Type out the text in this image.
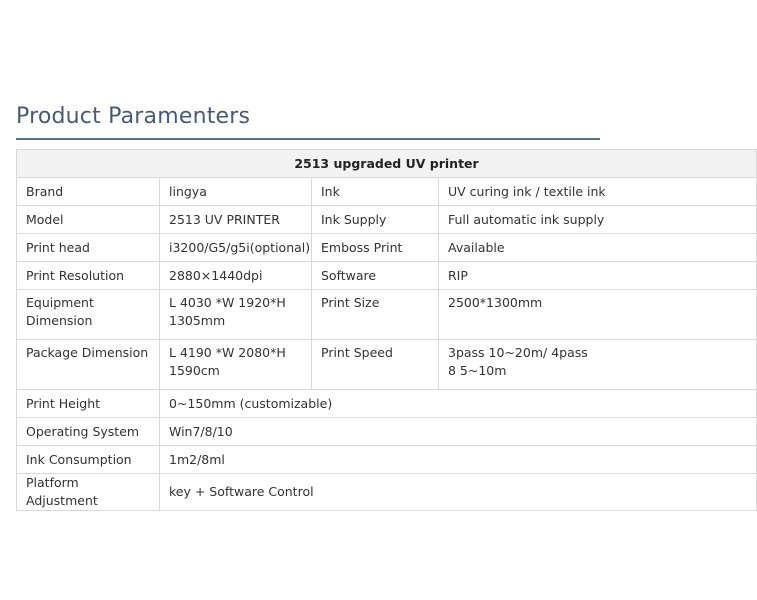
Product Paramenters
2513 upgraded UV printer			
Brand	lingya	Ink	UV curing ink / textile ink
Model	2513 UV PRINTER	Ink Supply	Full automatic ink supply
Print head	i3200/G5/g5i(optional)	Emboss Print	Available
Print Resolution	2880×1440dpi	Software	RIP
Equipment Dimension	L 4030 *W 1920*H 1305mm	Print Size	2500*1300mm
Package Dimension	L 4190 *W 2080*H 1590cm	Print Speed	3pass 10~20m/ 4pass 8 5~10m
Print Height	0~150mm (customizable)		
Operating System	Win7/8/10		
Ink Consumption	1m2/8ml		
Platform Adjustment	key + Software Control		
